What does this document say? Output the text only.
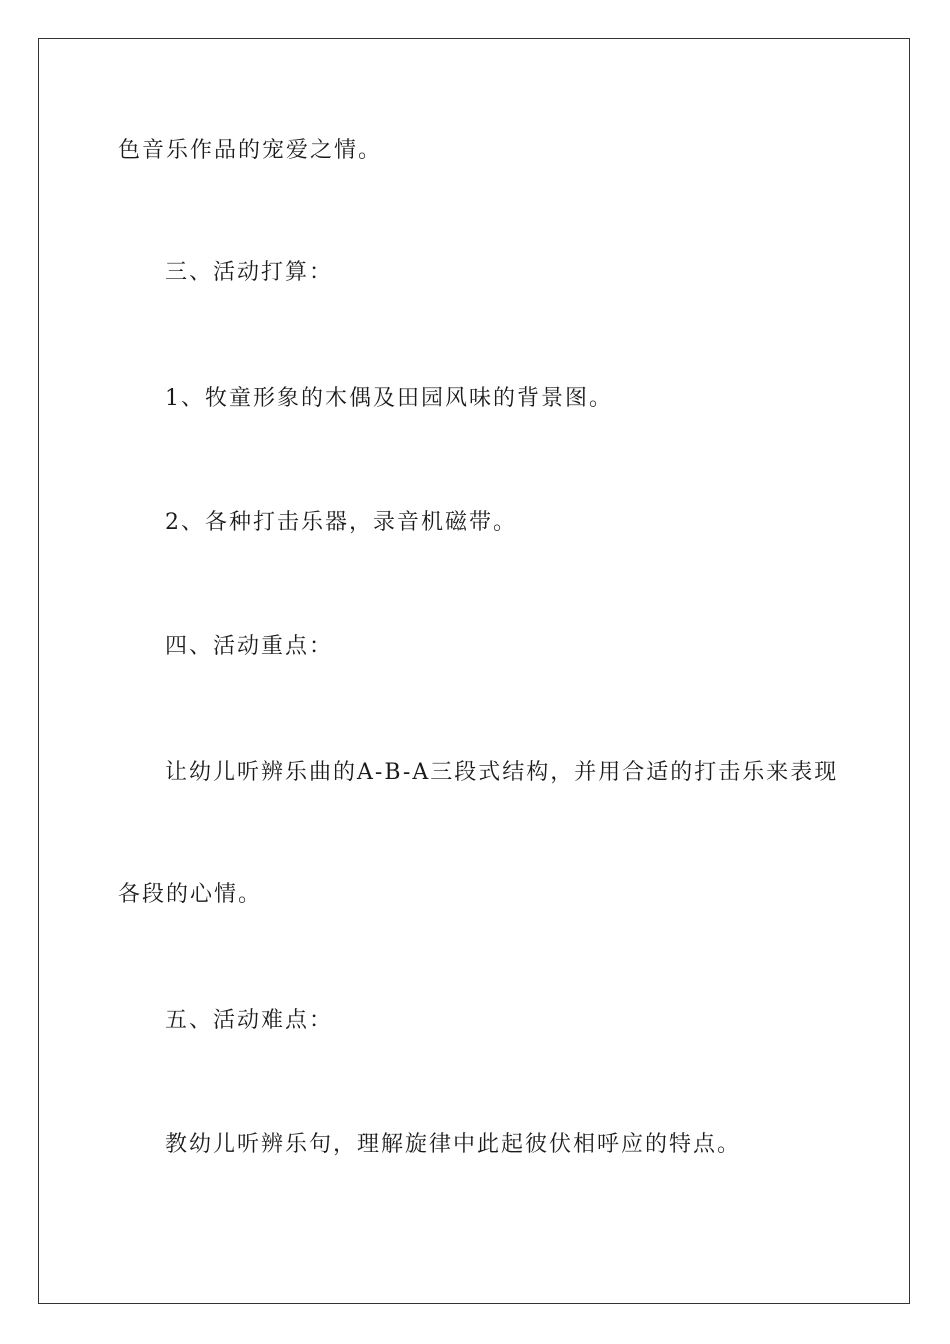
色音乐作品的宠爱之情。
三、活动打算：
1、牧童形象的木偶及田园风味的背景图。
2、各种打击乐器，录音机磁带。
四、活动重点：
让幼儿听辨乐曲的A-B-A三段式结构，并用合适的打击乐来表现
各段的心情。
五、活动难点：
教幼儿听辨乐句，理解旋律中此起彼伏相呼应的特点。
